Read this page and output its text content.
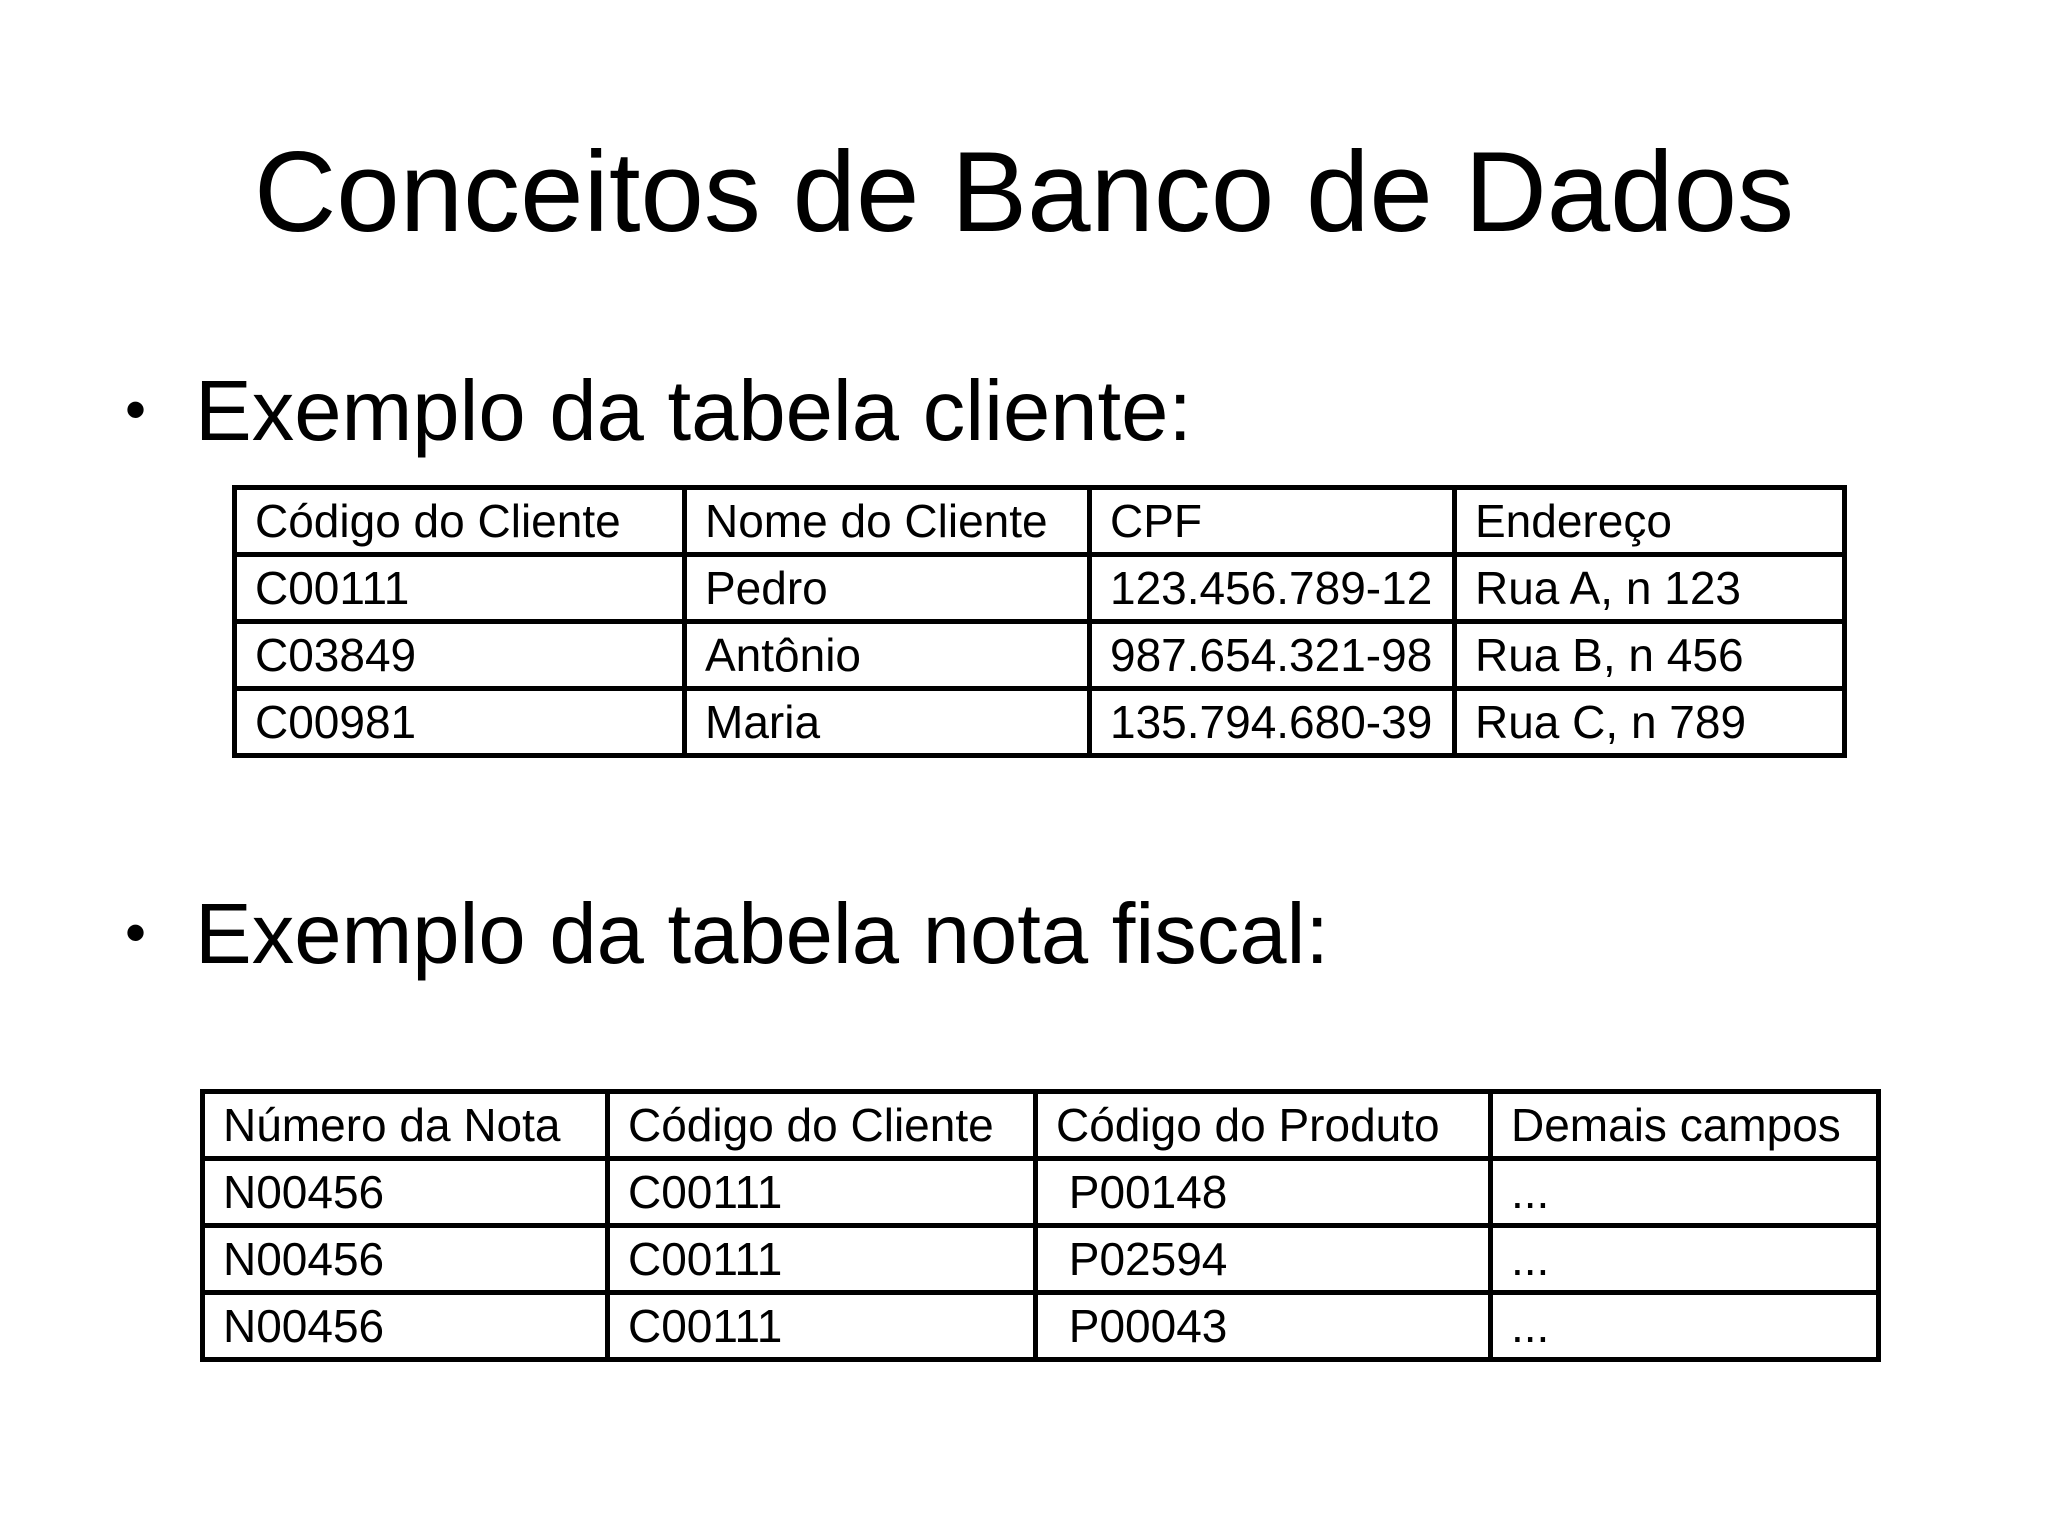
Conceitos de Banco de Dados
• Exemplo da tabela cliente:
Código do Cliente	Nome do Cliente	CPF	Endereço
C00111	Pedro	123.456.789-12	Rua A, n 123
C03849	Antônio	987.654.321-98	Rua B, n 456
C00981	Maria	135.794.680-39	Rua C, n 789
• Exemplo da tabela nota fiscal:
Número da Nota	Código do Cliente	Código do Produto	Demais campos
N00456	C00111	P00148	...
N00456	C00111	P02594	...
N00456	C00111	P00043	...
